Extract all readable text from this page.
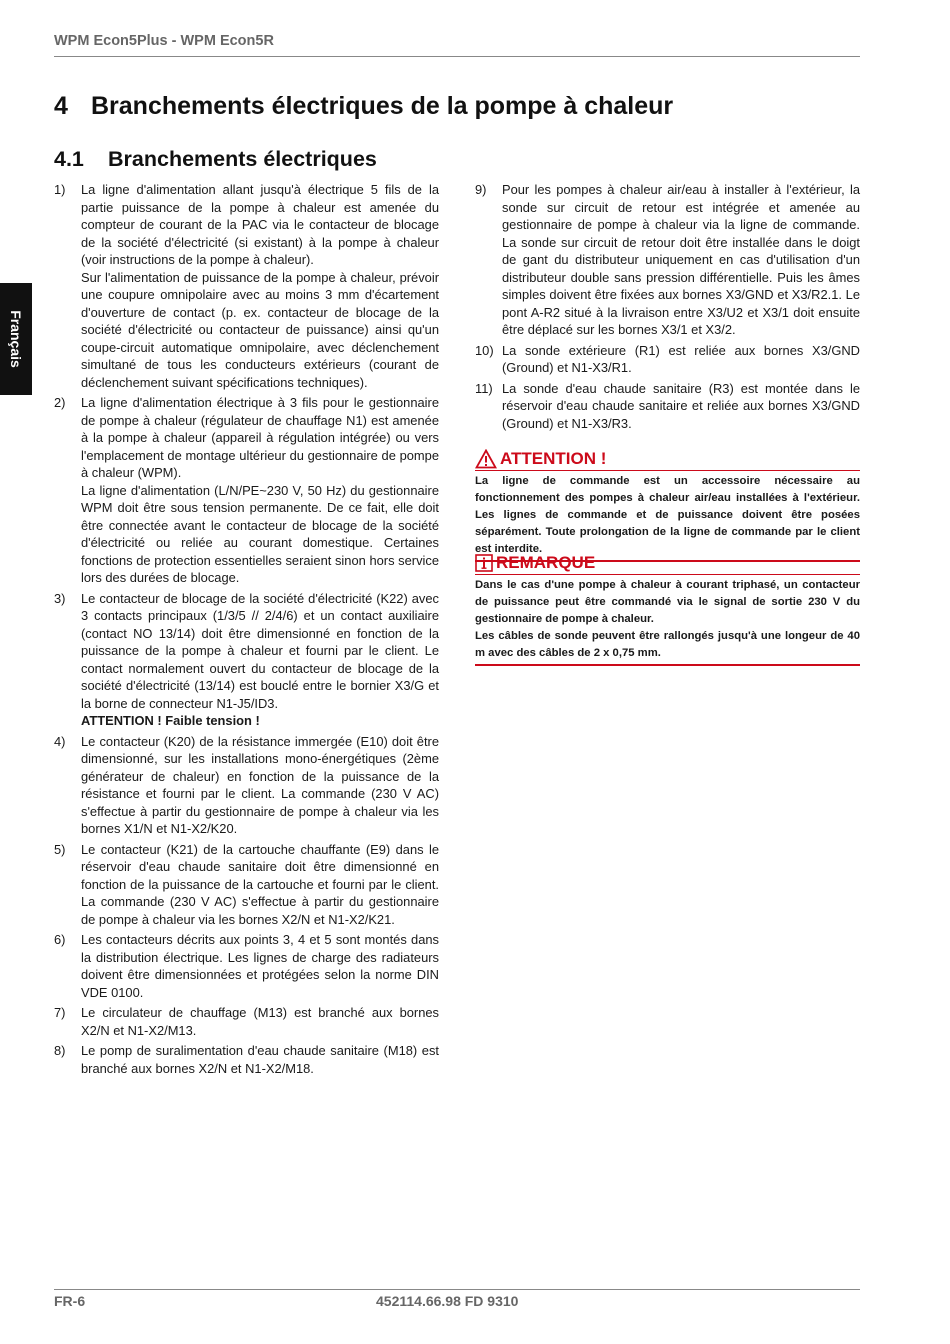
WPM Econ5Plus - WPM Econ5R
Français
4 Branchements électriques de la pompe à chaleur
4.1 Branchements électriques
1)	La ligne d'alimentation allant jusqu'à électrique 5 fils de la partie puissance de la pompe à chaleur est amenée du compteur de courant de la PAC via le contacteur de blocage de la société d'électricité (si existant) à la pompe à chaleur (voir instructions de la pompe à chaleur).

Sur l'alimentation de puissance de la pompe à chaleur, prévoir une coupure omnipolaire avec au moins 3 mm d'écartement d'ouverture de contact (p. ex. contacteur de blocage de la société d'électricité ou contacteur de puissance) ainsi qu'un coupe-circuit automatique omnipolaire, avec déclenchement simultané de tous les conducteurs extérieurs (courant de déclenchement suivant spécifications techniques).

2)	La ligne d'alimentation électrique à 3 fils pour le gestionnaire de pompe à chaleur (régulateur de chauffage N1) est amenée à la pompe à chaleur (appareil à régulation intégrée) ou vers l'emplacement de montage ultérieur du gestionnaire de pompe à chaleur (WPM).

La ligne d'alimentation (L/N/PE~230 V, 50 Hz) du gestionnaire WPM doit être sous tension permanente. De ce fait, elle doit être connectée avant le contacteur de blocage de la société d'électricité ou reliée au courant domestique. Certaines fonctions de protection essentielles seraient sinon hors service lors des durées de blocage.

3)	Le contacteur de blocage de la société d'électricité (K22) avec 3 contacts principaux (1/3/5 // 2/4/6) et un contact auxiliaire (contact NO 13/14) doit être dimensionné en fonction de la puissance de la pompe à chaleur et fourni par le client. Le contact normalement ouvert du contacteur de blocage de la société d'électricité (13/14) est bouclé entre le bornier X3/G et la borne de connecteur N1-J5/ID3.

ATTENTION ! Faible tension !

4)	Le contacteur (K20) de la résistance immergée (E10) doit être dimensionné, sur les installations mono-énergétiques (2ème générateur de chaleur) en fonction de la puissance de la résistance et fourni par le client. La commande (230 V AC) s'effectue à partir du gestionnaire de pompe à chaleur via les bornes X1/N et N1-X2/K20.

5)	Le contacteur (K21) de la cartouche chauffante (E9) dans le réservoir d'eau chaude sanitaire doit être dimensionné en fonction de la puissance de la cartouche et fourni par le client. La commande (230 V AC) s'effectue à partir du gestionnaire de pompe à chaleur via les bornes X2/N et N1-X2/K21.

6)	Les contacteurs décrits aux points 3, 4 et 5 sont montés dans la distribution électrique. Les lignes de charge des radiateurs doivent être dimensionnées et protégées selon la norme DIN VDE 0100.

7)	Le circulateur de chauffage (M13) est branché aux bornes X2/N et N1-X2/M13.

8)	Le pomp de suralimentation d'eau chaude sanitaire (M18) est branché aux bornes X2/N et N1-X2/M18.

9)	Pour les pompes à chaleur air/eau à installer à l'extérieur, la sonde sur circuit de retour est intégrée et amenée au gestionnaire de pompe à chaleur via la ligne de commande. La sonde sur circuit de retour doit être installée dans le doigt de gant du distributeur uniquement en cas d'utilisation d'un distributeur double sans pression différentielle. Puis les âmes simples doivent être fixées aux bornes X3/GND et X3/R2.1. Le pont A-R2 situé à la livraison entre X3/U2 et X3/1 doit ensuite être déplacé sur les bornes X3/1 et X3/2.

10) La sonde extérieure (R1) est reliée aux bornes X3/GND (Ground) et N1-X3/R1.

11) La sonde d'eau chaude sanitaire (R3) est montée dans le réservoir d'eau chaude sanitaire et reliée aux bornes X3/GND (Ground) et N1-X3/R3.

ATTENTION !

La ligne de commande est un accessoire nécessaire au fonctionnement des pompes à chaleur air/eau installées à l'extérieur. Les lignes de commande et de puissance doivent être posées séparément. Toute prolongation de la ligne de commande par le client est interdite.

REMARQUE

Dans le cas d'une pompe à chaleur à courant triphasé, un contacteur de puissance peut être commandé via le signal de sortie 230 V du gestionnaire de pompe à chaleur.

Les câbles de sonde peuvent être rallongés jusqu'à une longeur de 40 m avec des câbles de 2 x 0,75 mm.

FR-6	452114.66.98 FD 9310
